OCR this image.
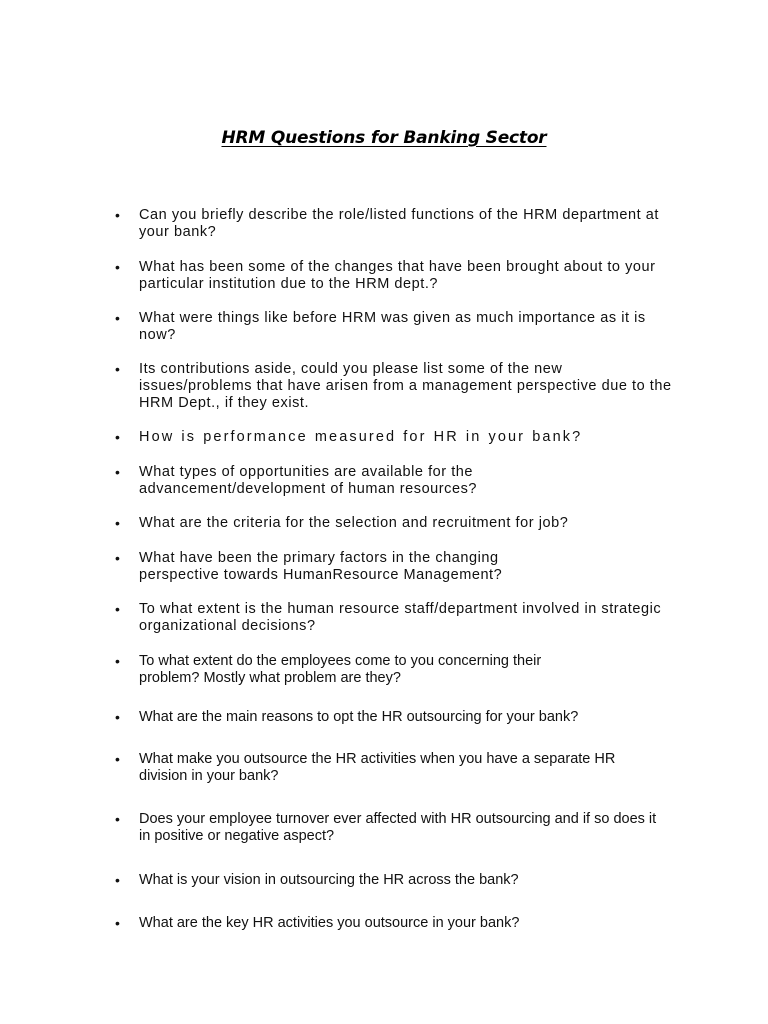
HRM Questions for Banking Sector
•	Can you briefly describe the role/listed functions of the HRM department at your bank?
•	What has been some of the changes that have been brought about to your particular institution due to the HRM dept.?
•	What were things like before HRM was given as much importance as it is now?
•	Its contributions aside, could you please list some of the new issues/problems that have arisen from a management perspective due to the HRM Dept., if they exist.
•	How is performance measured for HR in your bank?
•	What types of opportunities are available for the advancement/development of human resources?
•	What are the criteria for the selection and recruitment for job?
•	What have been the primary factors in the changing perspective towards HumanResource Management?
•	To what extent is the human resource staff/department involved in strategic organizational decisions?
•	To what extent do the employees come to you concerning their problem? Mostly what problem are they?
•	What are the main reasons to opt the HR outsourcing for your bank?
•	What make you outsource the HR activities when you have a separate HR division in your bank?
•	Does your employee turnover ever affected with HR outsourcing and if so does it in positive or negative aspect?
•	What is your vision in outsourcing the HR across the bank?
•	What are the key HR activities you outsource in your bank?
